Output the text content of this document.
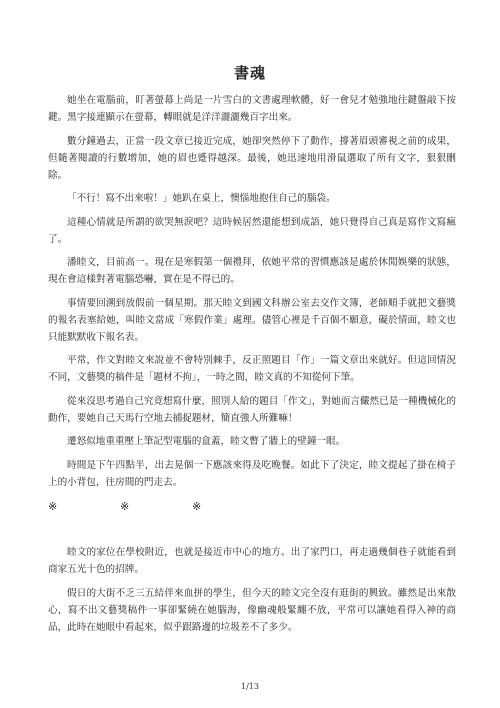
書魂

她坐在電腦前，盯著螢幕上尚是一片雪白的文書處理軟體，好一會兒才勉強地往鍵盤敲下按鍵。黑字接連顯示在螢幕，轉眼就是洋洋灑灑幾百字出來。

數分鐘過去，正當一段文章已接近完成，她卻突然停下了動作，撐著眉頭審視之前的成果，但隨著閱讀的行數增加，她的眉也蹙得越深。最後，她迅速地用滑鼠選取了所有文字，狠狠刪除。

「不行！寫不出來啦！」她趴在桌上，懊惱地抱住自己的腦袋。

這種心情就是所謂的欲哭無淚吧？這時候居然還能想到成語，她只覺得自己真是寫作文寫瘋了。

潘睦文，目前高一。現在是寒假第一個禮拜，依她平常的習慣應該是處於休閒娛樂的狀態，現在會這樣對著電腦恐嚇，實在是不得已的。

事情要回溯到放假前一個星期。那天睦文到國文科辦公室去交作文簿，老師順手就把文藝獎的報名表塞給她，叫睦文當成「寒假作業」處理。儘管心裡是千百個不願意，礙於情面，睦文也只能默默收下報名表。

平常，作文對睦文來說並不會特別棘手，反正照題目「作」一篇文章出來就好。但這回情況不同，文藝獎的稿件是「題材不拘」，一時之間，睦文真的不知從何下筆。

從來沒思考過自己究竟想寫什麼，照別人給的題目「作文」，對她而言儼然已是一種機械化的動作，要她自己天馬行空地去捕捉題材，簡直強人所難嘛！

遷怒似地重重壓上筆記型電腦的盒蓋，睦文瞥了牆上的壁鐘一眼。

時間是下午四點半，出去晃個一下應該來得及吃晚餐。如此下了決定，睦文提起了掛在椅子上的小背包，往房間的門走去。

※	※	※

睦文的家位在學校附近，也就是接近市中心的地方。出了家門口，再走過幾個巷子就能看到商家五光十色的招牌。

假日的大街不乏三五結伴來血拼的學生，但今天的睦文完全沒有逛街的興致。雖然是出來散心，寫不出文藝獎稿件一事卻緊繞在她腦海，像幽魂般緊纏不放，平常可以讓她看得入神的商品，此時在她眼中看起來，似乎跟路邊的垃圾差不了多少。

1/13
